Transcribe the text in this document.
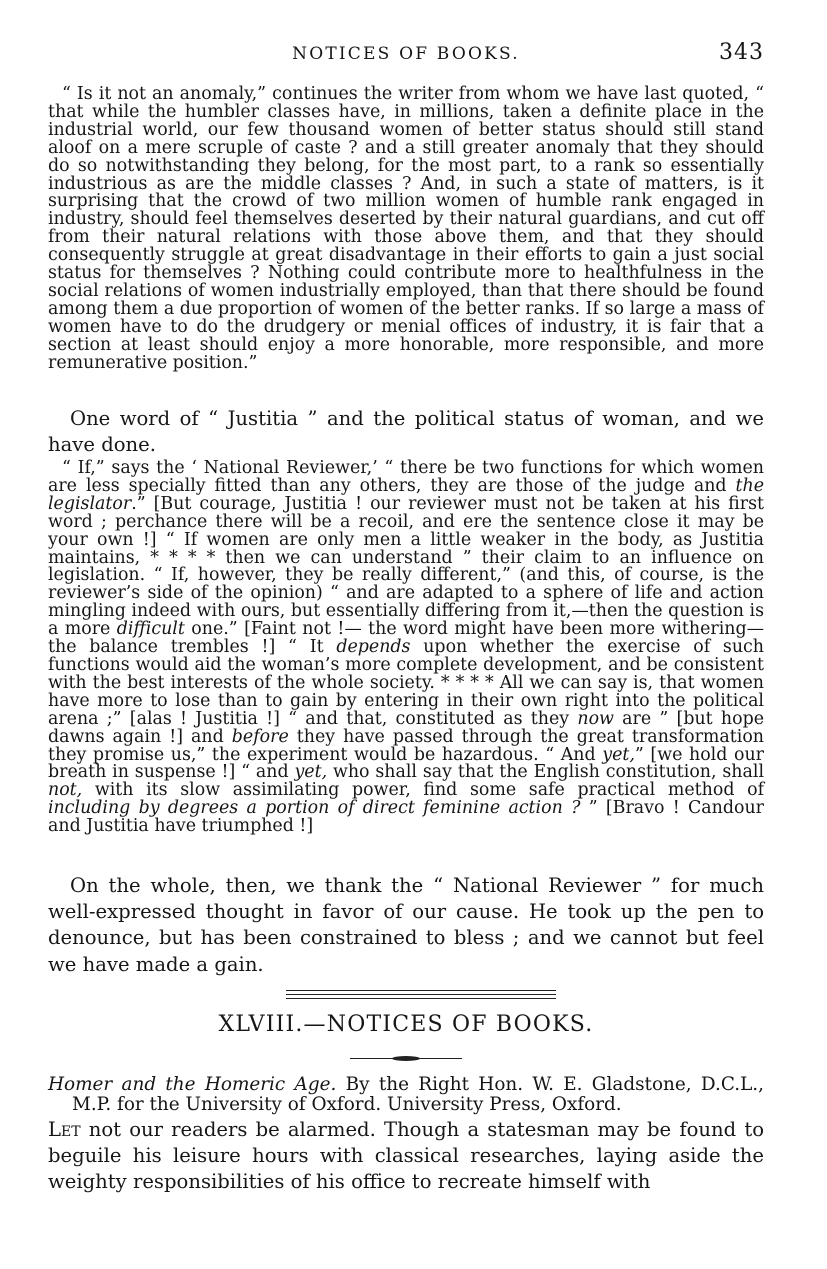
NOTICES OF BOOKS.	343

“ Is it not an anomaly,” continues the writer from whom we have last quoted, “ that while the humbler classes have, in millions, taken a definite place in the industrial world, our few thousand women of better status should still stand aloof on a mere scruple of caste ? and a still greater anomaly that they should do so notwithstanding they belong, for the most part, to a rank so essentially industrious as are the middle classes ? And, in such a state of matters, is it surprising that the crowd of two million women of humble rank engaged in industry, should feel themselves deserted by their natural guardians, and cut off from their natural relations with those above them, and that they should consequently struggle at great disadvantage in their efforts to gain a just social status for themselves ? Nothing could contribute more to healthfulness in the social relations of women industrially employed, than that there should be found among them a due proportion of women of the better ranks. If so large a mass of women have to do the drudgery or menial offices of industry, it is fair that a section at least should enjoy a more honorable, more responsible, and more remunerative position.”

One word of “ Justitia ” and the political status of woman, and we have done.

“ If,” says the ‘ National Reviewer,’ “ there be two functions for which women are less specially fitted than any others, they are those of the judge and the legislator.” [But courage, Justitia ! our reviewer must not be taken at his first word ; perchance there will be a recoil, and ere the sentence close it may be your own !] “ If women are only men a little weaker in the body, as Justitia maintains, * * * * then we can understand ” their claim to an influence on legislation. “ If, however, they be really different,” (and this, of course, is the reviewer’s side of the opinion) “ and are adapted to a sphere of life and action mingling indeed with ours, but essentially differing from it,—then the question is a more difficult one.” [Faint not !— the word might have been more withering—the balance trembles !] “ It depends upon whether the exercise of such functions would aid the woman’s more complete development, and be consistent with the best interests of the whole society. * * * * All we can say is, that women have more to lose than to gain by entering in their own right into the political arena ;” [alas ! Justitia !] “ and that, constituted as they now are ” [but hope dawns again !] and before they have passed through the great transformation they promise us,” the experiment would be hazardous. “ And yet,” [we hold our breath in suspense !] “ and yet, who shall say that the English constitution, shall not, with its slow assimilating power, find some safe practical method of including by degrees a portion of direct feminine action ? ” [Bravo ! Candour and Justitia have triumphed !]

On the whole, then, we thank the “ National Reviewer ” for much well-expressed thought in favor of our cause. He took up the pen to denounce, but has been constrained to bless ; and we cannot but feel we have made a gain.

XLVIII.—NOTICES OF BOOKS.

Homer and the Homeric Age. By the Right Hon. W. E. Gladstone, D.C.L., M.P. for the University of Oxford. University Press, Oxford.

Let not our readers be alarmed. Though a statesman may be found to beguile his leisure hours with classical researches, laying aside the weighty responsibilities of his office to recreate himself with
